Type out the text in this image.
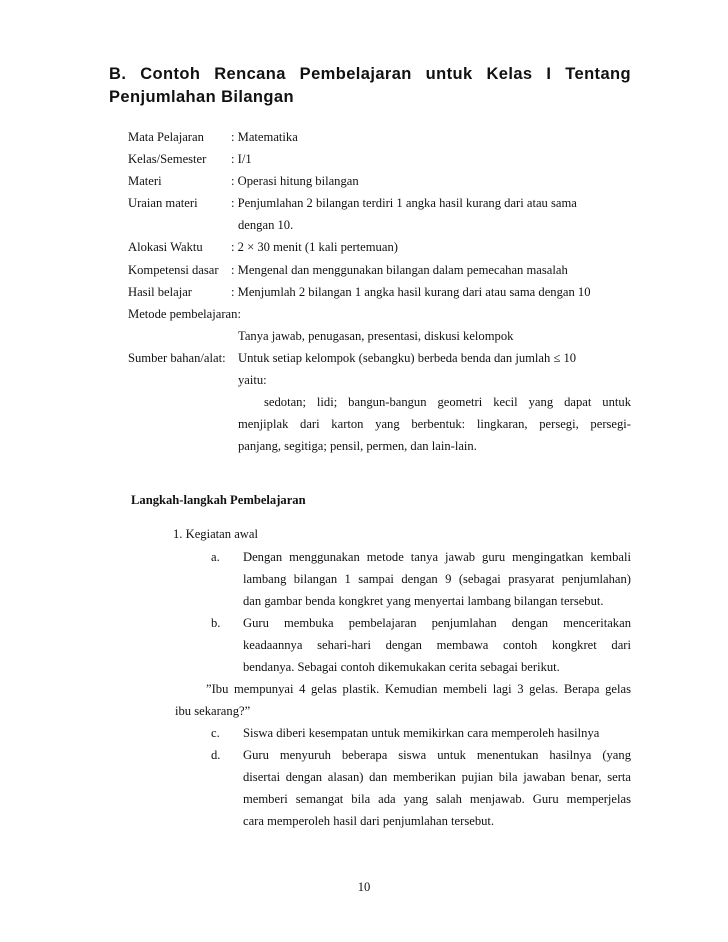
B. Contoh Rencana Pembelajaran untuk Kelas I Tentang
Penjumlahan Bilangan
Mata Pelajaran : Matematika
Kelas/Semester : I/1
Materi	: Operasi hitung bilangan
Uraian materi	: Penjumlahan 2 bilangan terdiri 1 angka hasil kurang dari atau sama
dengan 10.
Alokasi Waktu : 2 × 30 menit (1 kali pertemuan)
Kompetensi dasar : Mengenal dan menggunakan bilangan dalam pemecahan masalah
Hasil belajar	: Menjumlah 2 bilangan 1 angka hasil kurang dari atau sama dengan 10
Metode pembelajaran:
Tanya jawab, penugasan, presentasi, diskusi kelompok
Sumber bahan/alat: Untuk setiap kelompok (sebangku) berbeda benda dan jumlah ≤ 10
yaitu:
sedotan; lidi; bangun-bangun geometri kecil yang dapat untuk
menjiplak dari karton yang berbentuk: lingkaran, persegi, persegi-
panjang, segitiga; pensil, permen, dan lain-lain.
Langkah-langkah Pembelajaran
1. Kegiatan awal
a. Dengan menggunakan metode tanya jawab guru mengingatkan kembali
lambang bilangan 1 sampai dengan 9 (sebagai prasyarat penjumlahan)
dan gambar benda kongkret yang menyertai lambang bilangan tersebut.
b. Guru membuka pembelajaran penjumlahan dengan menceritakan
keadaannya sehari-hari dengan membawa contoh kongkret dari
bendanya. Sebagai contoh dikemukakan cerita sebagai berikut.
”Ibu mempunyai 4 gelas plastik. Kemudian membeli lagi 3 gelas. Berapa gelas
ibu sekarang?”
c. Siswa diberi kesempatan untuk memikirkan cara memperoleh hasilnya
d. Guru menyuruh beberapa siswa untuk menentukan hasilnya (yang
disertai dengan alasan) dan memberikan pujian bila jawaban benar, serta
memberi semangat bila ada yang salah menjawab. Guru memperjelas
cara memperoleh hasil dari penjumlahan tersebut.
10
